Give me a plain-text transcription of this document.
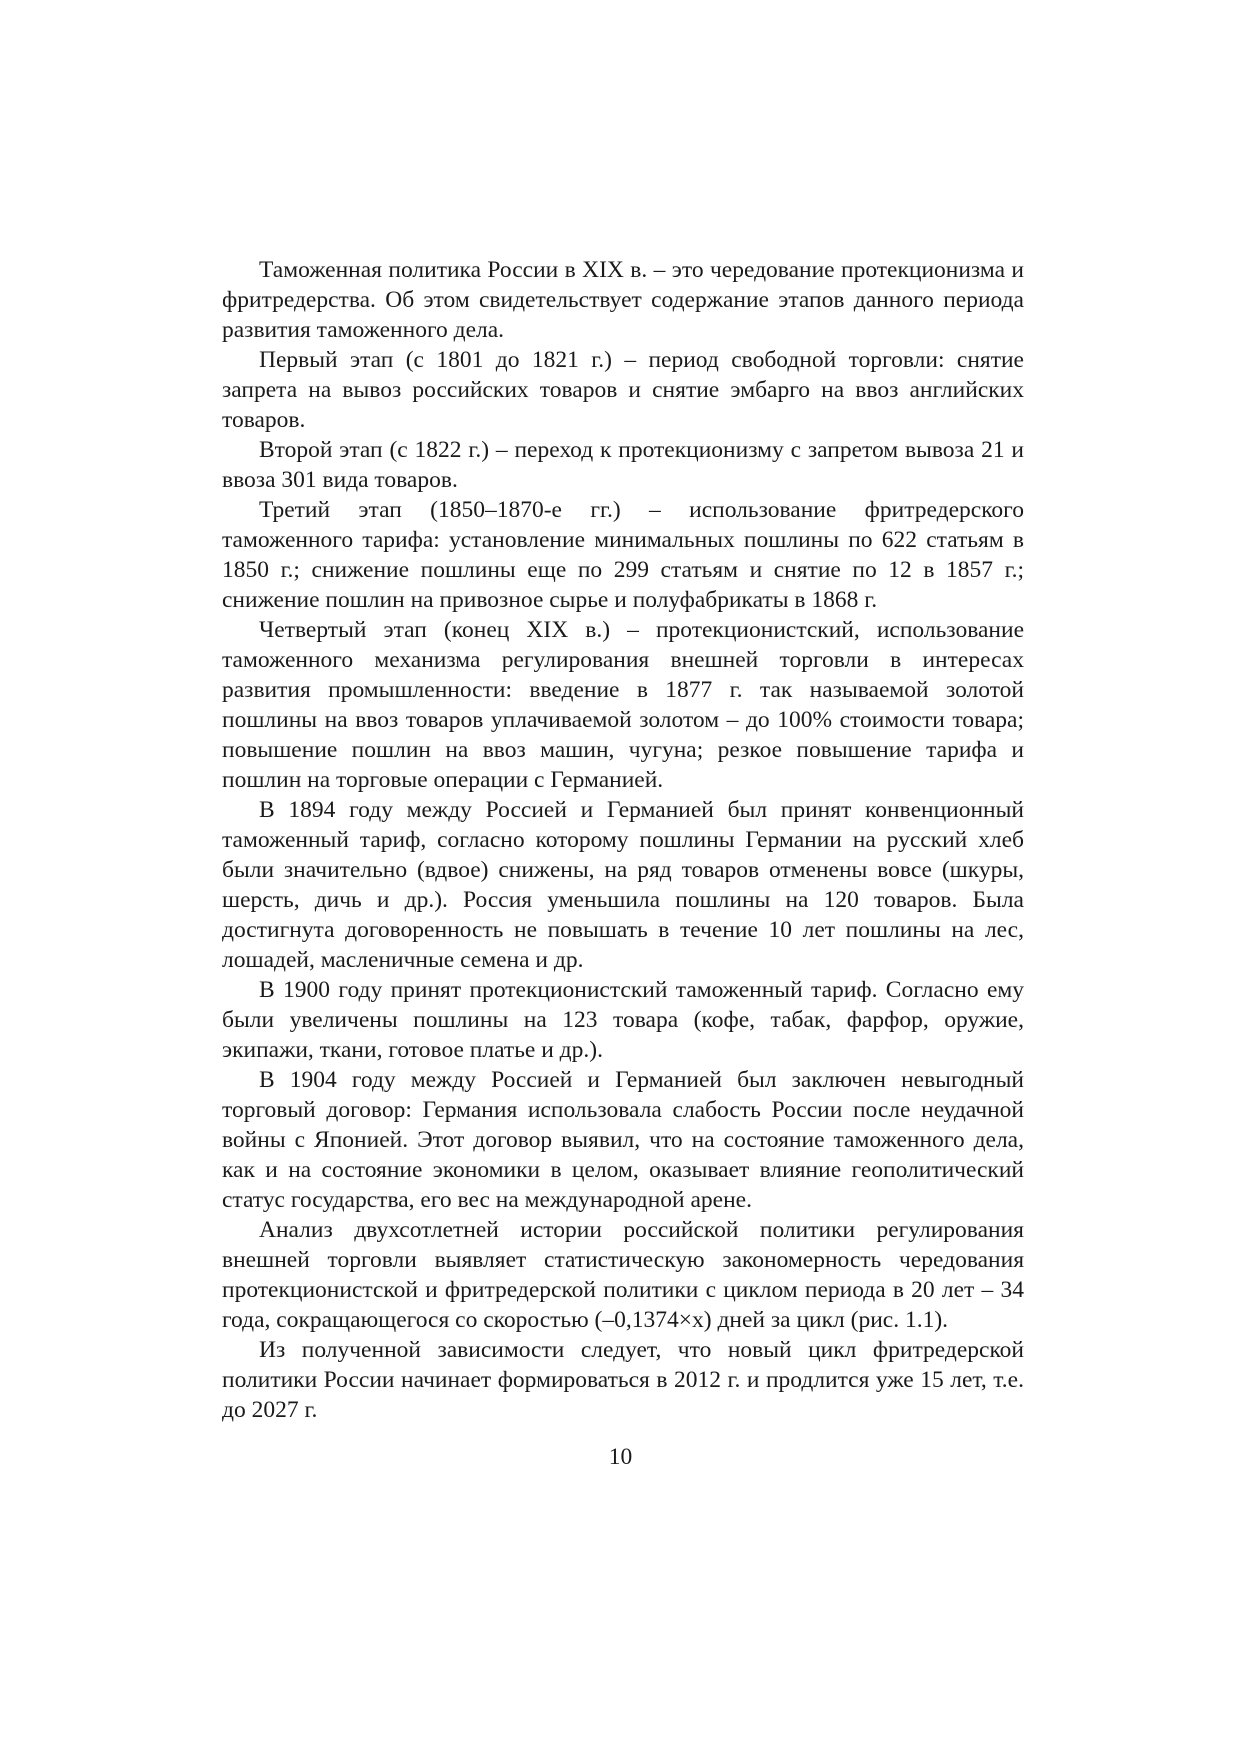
Таможенная политика России в XIX в. – это чередование протекционизма и фритредерства. Об этом свидетельствует содержание этапов данного периода развития таможенного дела.

Первый этап (с 1801 до 1821 г.) – период свободной торговли: снятие запрета на вывоз российских товаров и снятие эмбарго на ввоз английских товаров.

Второй этап (с 1822 г.) – переход к протекционизму с запретом вывоза 21 и ввоза 301 вида товаров.

Третий этап (1850–1870-е гг.) – использование фритредерского таможенного тарифа: установление минимальных пошлины по 622 статьям в 1850 г.; снижение пошлины еще по 299 статьям и снятие по 12 в 1857 г.; снижение пошлин на привозное сырье и полуфабрикаты в 1868 г.

Четвертый этап (конец XIX в.) – протекционистский, использование таможенного механизма регулирования внешней торговли в интересах развития промышленности: введение в 1877 г. так называемой золотой пошлины на ввоз товаров уплачиваемой золотом – до 100% стоимости товара; повышение пошлин на ввоз машин, чугуна; резкое повышение тарифа и пошлин на торговые операции с Германией.

В 1894 году между Россией и Германией был принят конвенционный таможенный тариф, согласно которому пошлины Германии на русский хлеб были значительно (вдвое) снижены, на ряд товаров отменены вовсе (шкуры, шерсть, дичь и др.). Россия уменьшила пошлины на 120 товаров. Была достигнута договоренность не повышать в течение 10 лет пошлины на лес, лошадей, масленичные семена и др.

В 1900 году принят протекционистский таможенный тариф. Согласно ему были увеличены пошлины на 123 товара (кофе, табак, фарфор, оружие, экипажи, ткани, готовое платье и др.).

В 1904 году между Россией и Германией был заключен невыгодный торговый договор: Германия использовала слабость России после неудачной войны с Японией. Этот договор выявил, что на состояние таможенного дела, как и на состояние экономики в целом, оказывает влияние геополитический статус государства, его вес на международной арене.

Анализ двухсотлетней истории российской политики регулирования внешней торговли выявляет статистическую закономерность чередования протекционистской и фритредерской политики с циклом периода в 20 лет – 34 года, сокращающегося со скоростью (–0,1374×x) дней за цикл (рис. 1.1).

Из полученной зависимости следует, что новый цикл фритредерской политики России начинает формироваться в 2012 г. и продлится уже 15 лет, т.е. до 2027 г.

10
